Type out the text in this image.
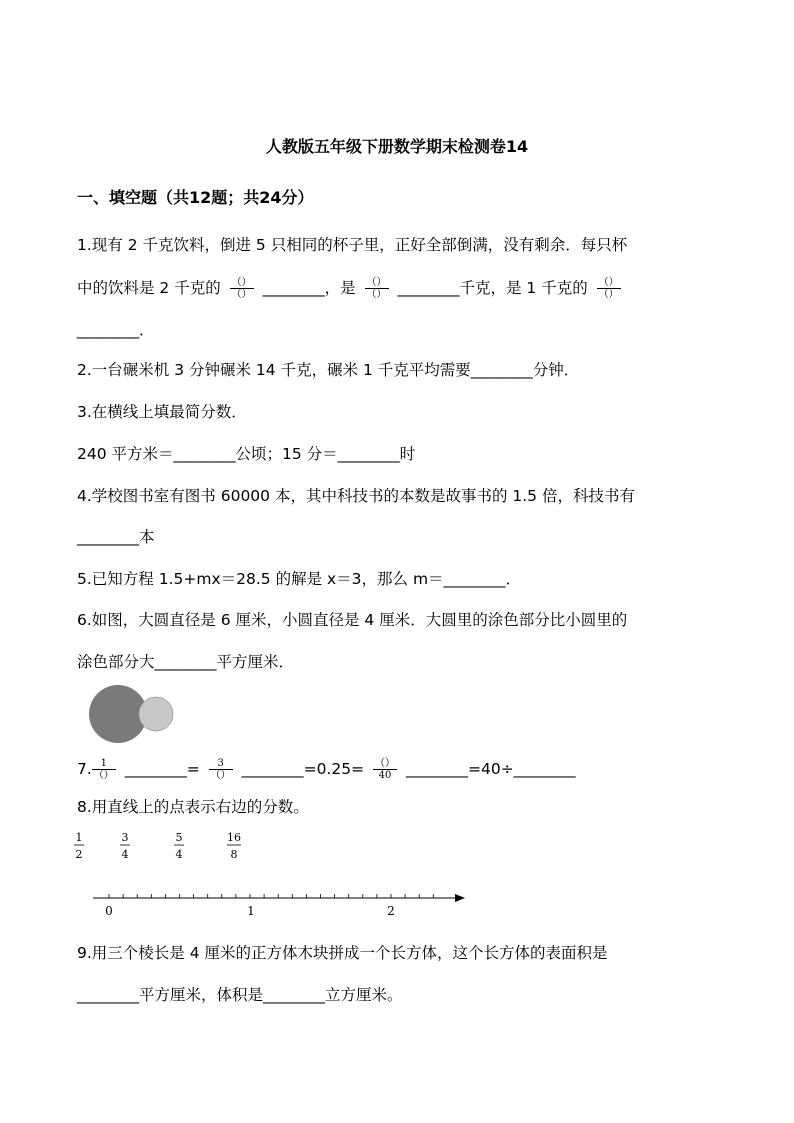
人教版五年级下册数学期末检测卷14
一、填空题（共12题；共24分）
1.现有 2 千克饮料，倒进 5 只相同的杯子里，正好全部倒满，没有剩余．每只杯
中的饮料是 2 千克的 $\frac{()}{()}$ ________，是 $\frac{()}{()}$ ________千克，是 1 千克的 $\frac{()}{()}$
________．
2.一台碾米机 3 分钟碾米 14 千克，碾米 1 千克平均需要________分钟．
3.在横线上填最简分数．
240 平方米＝________公顷；15 分＝________时
4.学校图书室有图书 60000 本，其中科技书的本数是故事书的 1.5 倍，科技书有
________本
5.已知方程 1.5+mx＝28.5 的解是 x＝3，那么 m＝________．
6.如图，大圆直径是 6 厘米，小圆直径是 4 厘米．大圆里的涂色部分比小圆里的
涂色部分大________平方厘米．
7. $\frac{1}{()}$ ________= $\frac{3}{()}$ ________=0.25= $\frac{()}{40}$ ________=40÷________
8.用直线上的点表示右边的分数。
1
2
3
4
5
4
16
8
0	1	2
9.用三个棱长是 4 厘米的正方体木块拼成一个长方体，这个长方体的表面积是
________平方厘米，体积是________立方厘米。
